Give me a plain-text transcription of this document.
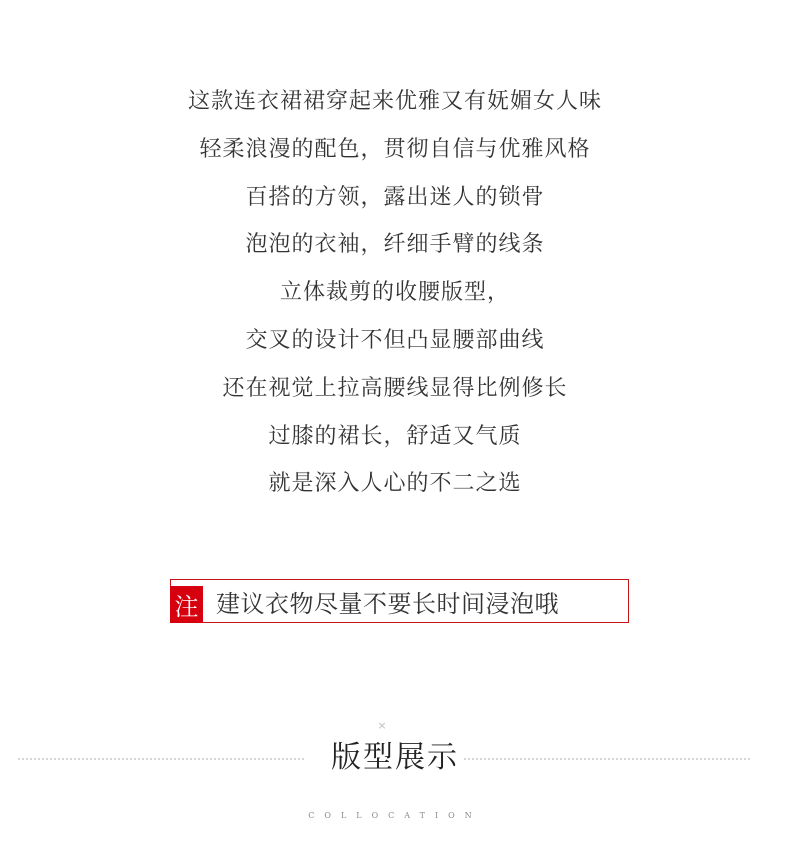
这款连衣裙裙穿起来优雅又有妩媚女人味
轻柔浪漫的配色，贯彻自信与优雅风格
百搭的方领，露出迷人的锁骨
泡泡的衣袖，纤细手臂的线条
立体裁剪的收腰版型，
交叉的设计不但凸显腰部曲线
还在视觉上拉高腰线显得比例修长
过膝的裙长，舒适又气质
就是深入人心的不二之选
注 建议衣物尽量不要长时间浸泡哦
×
版型展示
COLLOCATION
